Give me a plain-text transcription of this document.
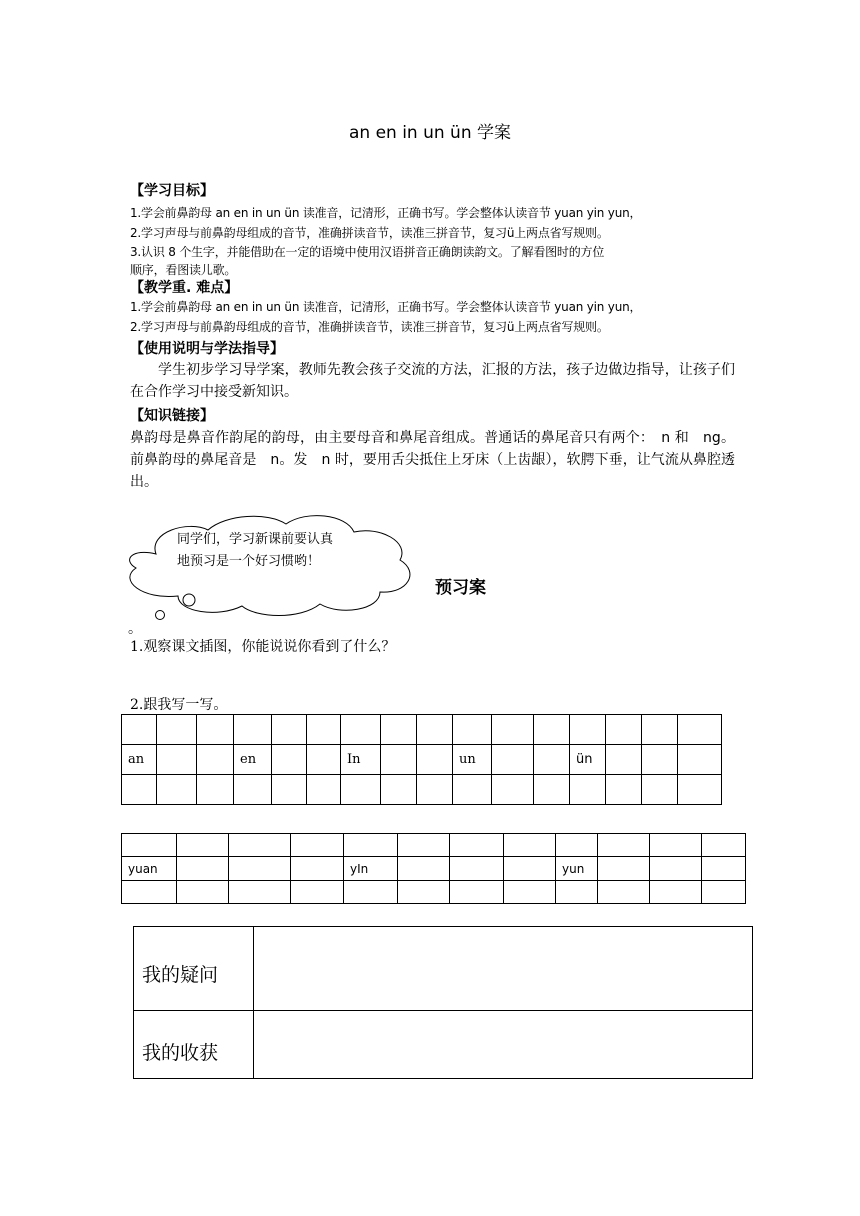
an en in un ün 学案
【学习目标】
1.学会前鼻韵母 an en in un ün 读准音，记清形，正确书写。学会整体认读音节 yuan yin yun，
2.学习声母与前鼻韵母组成的音节，准确拼读音节，读准三拼音节，复习ü上两点省写规则。
3.认识 8 个生字，并能借助在一定的语境中使用汉语拼音正确朗读韵文。了解看图时的方位
顺序，看图读儿歌。
【教学重. 难点】
1.学会前鼻韵母 an en in un ün 读准音，记清形，正确书写。学会整体认读音节 yuan yin yun，
2.学习声母与前鼻韵母组成的音节，准确拼读音节，读准三拼音节，复习ü上两点省写规则。
【使用说明与学法指导】
学生初步学习导学案，教师先教会孩子交流的方法，汇报的方法，孩子边做边指导，让孩子们在合作学习中接受新知识。
【知识链接】
鼻韵母是鼻音作韵尾的韵母，由主要母音和鼻尾音组成。普通话的鼻尾音只有两个：　n 和　ng。前鼻韵母的鼻尾音是　n。发　n 时，要用舌尖抵住上牙床（上齿龈），软腭下垂，让气流从鼻腔透出。
同学们，学习新课前要认真
地预习是一个好习惯哟！
预习案
。
1.观察课文插图，你能说说你看到了什么？
2.跟我写一写。

an			en			In			un			ün			

yuan				yIn				yun			

我的疑问	
我的收获	
